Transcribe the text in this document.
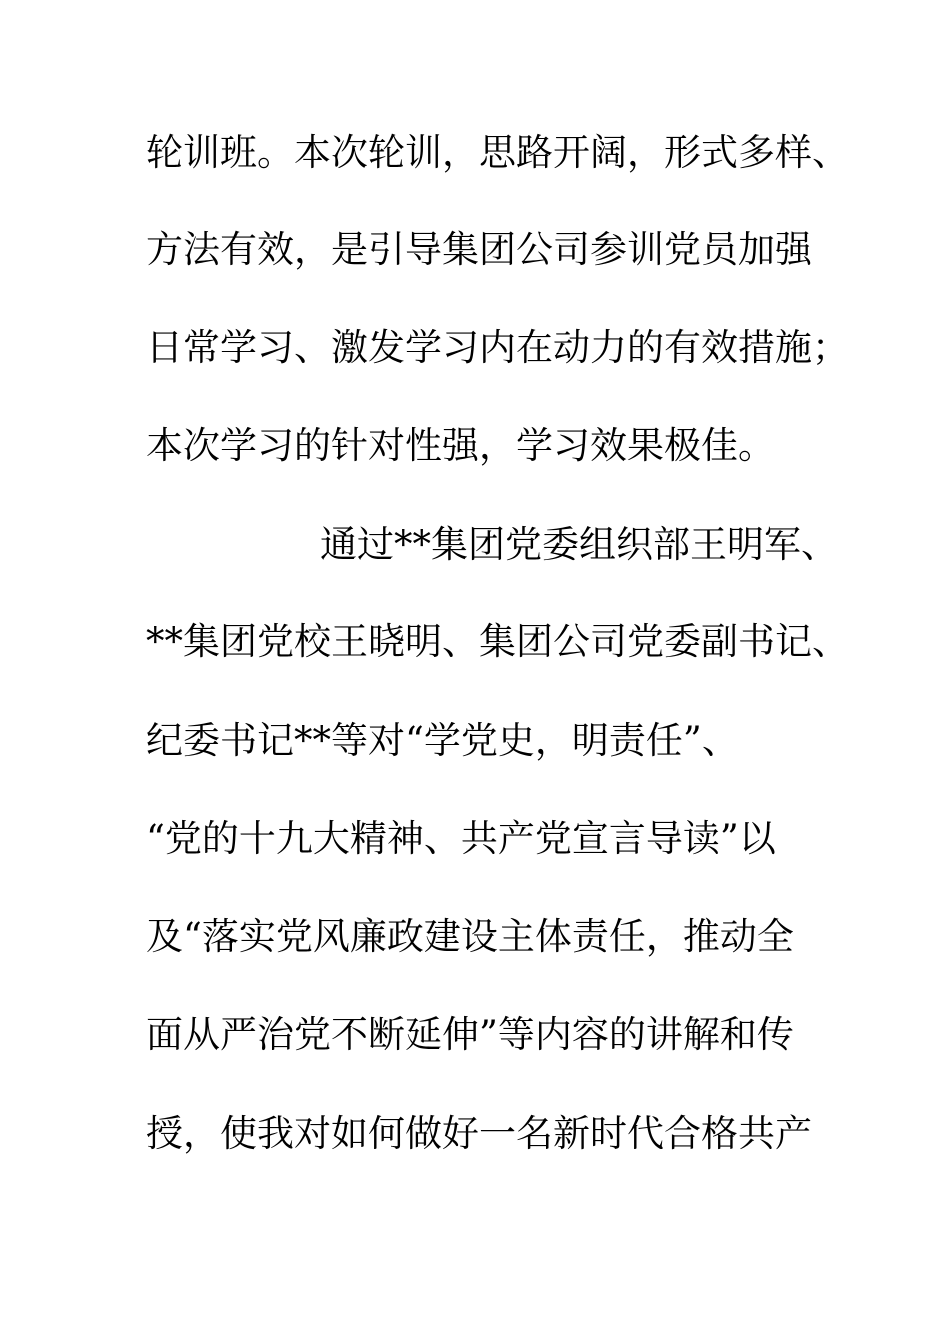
轮训班。本次轮训，思路开阔，形式多样、
方法有效，是引导集团公司参训党员加强
日常学习、激发学习内在动力的有效措施；
本次学习的针对性强，学习效果极佳。
通过**集团党委组织部王明军、
**集团党校王晓明、集团公司党委副书记、
纪委书记**等对“学党史，明责任”、
“党的十九大精神、共产党宣言导读”以
及“落实党风廉政建设主体责任，推动全
面从严治党不断延伸”等内容的讲解和传
授，使我对如何做好一名新时代合格共产
